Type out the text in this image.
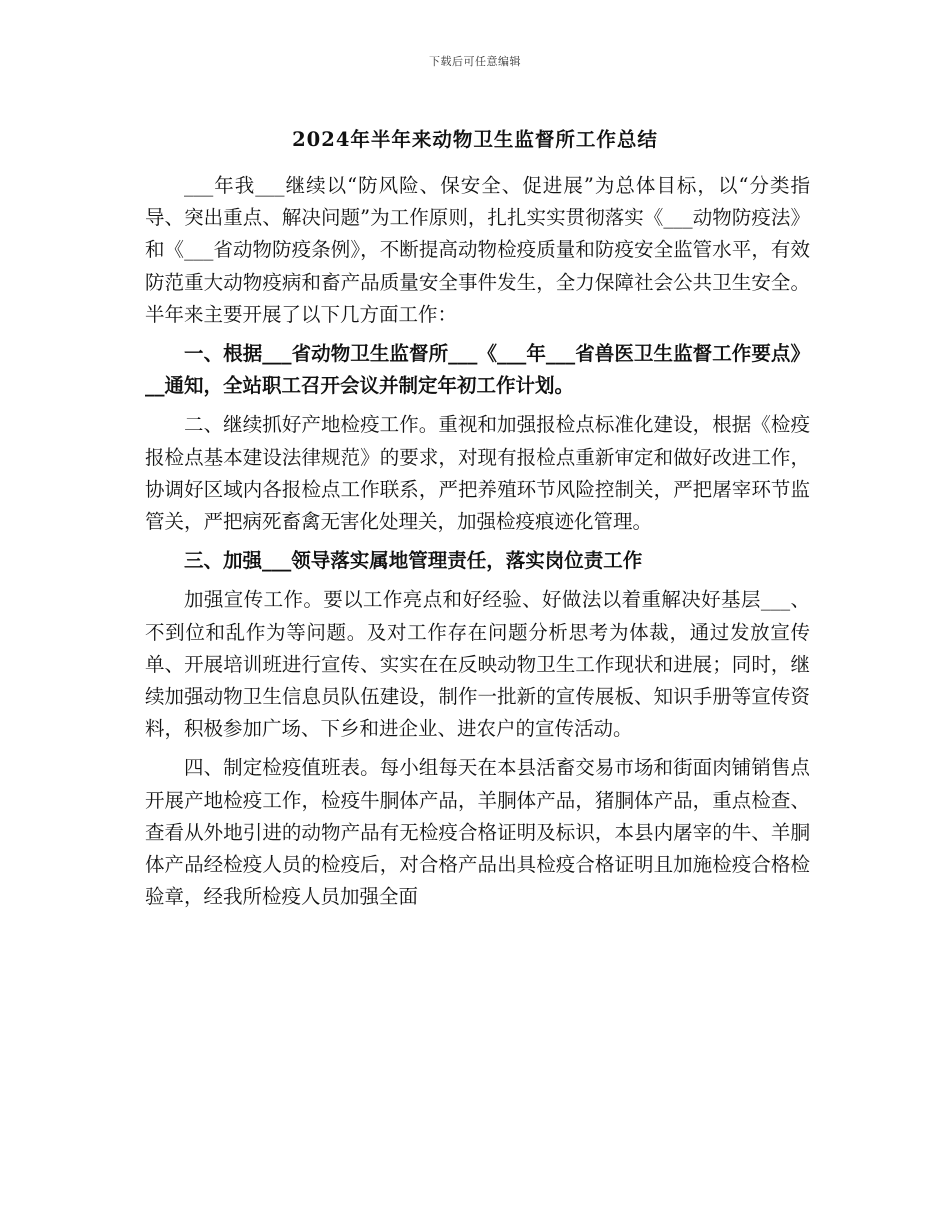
下载后可任意编辑
2024年半年来动物卫生监督所工作总结

___年我___继续以“防风险、保安全、促进展”为总体目标，以“分类指导、突出重点、解决问题”为工作原则，扎扎实实贯彻落实《___动物防疫法》和《___省动物防疫条例》，不断提高动物检疫质量和防疫安全监管水平，有效防范重大动物疫病和畜产品质量安全事件发生，全力保障社会公共卫生安全。半年来主要开展了以下几方面工作：

一、根据___省动物卫生监督所___《___年___省兽医卫生监督工作要点》__通知，全站职工召开会议并制定年初工作计划。

二、继续抓好产地检疫工作。重视和加强报检点标准化建设，根据《检疫报检点基本建设法律规范》的要求，对现有报检点重新审定和做好改进工作，协调好区域内各报检点工作联系，严把养殖环节风险控制关，严把屠宰环节监管关，严把病死畜禽无害化处理关，加强检疫痕迹化管理。

三、加强___领导落实属地管理责任，落实岗位责工作

加强宣传工作。要以工作亮点和好经验、好做法以着重解决好基层___、不到位和乱作为等问题。及对工作存在问题分析思考为体裁，通过发放宣传单、开展培训班进行宣传、实实在在反映动物卫生工作现状和进展；同时，继续加强动物卫生信息员队伍建设，制作一批新的宣传展板、知识手册等宣传资料，积极参加广场、下乡和进企业、进农户的宣传活动。

四、制定检疫值班表。每小组每天在本县活畜交易市场和街面肉铺销售点开展产地检疫工作，检疫牛胴体产品，羊胴体产品，猪胴体产品，重点检查、查看从外地引进的动物产品有无检疫合格证明及标识，本县内屠宰的牛、羊胴体产品经检疫人员的检疫后，对合格产品出具检疫合格证明且加施检疫合格检验章，经我所检疫人员加强全面
